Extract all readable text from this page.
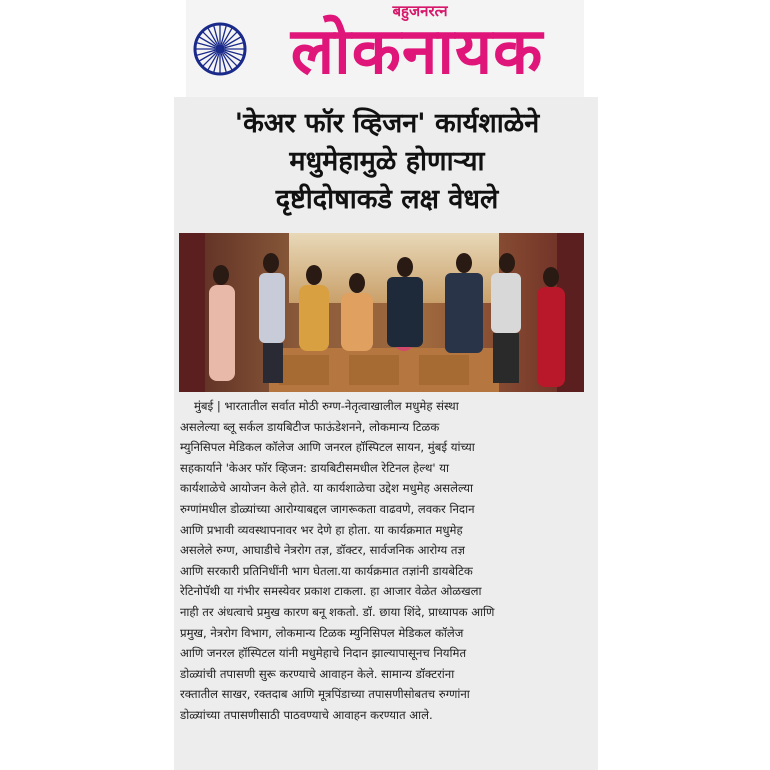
बहुजनरत्न
लोकनायक
'केअर फॉर व्हिजन' कार्यशाळेने
मधुमेहामुळे होणाऱ्या
दृष्टीदोषाकडे लक्ष वेधले
मुंबई | भारतातील सर्वात मोठी रुग्ण-नेतृत्वाखालील मधुमेह संस्था
असलेल्या ब्लू सर्कल डायबिटीज फाऊंडेशनने, लोकमान्य टिळक
म्युनिसिपल मेडिकल कॉलेज आणि जनरल हॉस्पिटल सायन, मुंबई यांच्या
सहकार्याने 'केअर फॉर व्हिजन: डायबिटीसमधील रेटिनल हेल्थ' या
कार्यशाळेचे आयोजन केले होते. या कार्यशाळेचा उद्देश मधुमेह असलेल्या
रुग्णांमधील डोळ्यांच्या आरोग्याबद्दल जागरूकता वाढवणे, लवकर निदान
आणि प्रभावी व्यवस्थापनावर भर देणे हा होता. या कार्यक्रमात मधुमेह
असलेले रुग्ण, आघाडीचे नेत्ररोग तज्ञ, डॉक्टर, सार्वजनिक आरोग्य तज्ञ
आणि सरकारी प्रतिनिधींनी भाग घेतला.या कार्यक्रमात तज्ञांनी डायबेटिक
रेटिनोपॅथी या गंभीर समस्येवर प्रकाश टाकला. हा आजार वेळेत ओळखला
नाही तर अंधत्वाचे प्रमुख कारण बनू शकतो. डॉ. छाया शिंदे, प्राध्यापक आणि
प्रमुख, नेत्ररोग विभाग, लोकमान्य टिळक म्युनिसिपल मेडिकल कॉलेज
आणि जनरल हॉस्पिटल यांनी मधुमेहाचे निदान झाल्यापासूनच नियमित
डोळ्यांची तपासणी सुरू करण्याचे आवाहन केले. सामान्य डॉक्टरांना
रक्तातील साखर, रक्तदाब आणि मूत्रपिंडाच्या तपासणीसोबतच रुग्णांना
डोळ्यांच्या तपासणीसाठी पाठवण्याचे आवाहन करण्यात आले.
